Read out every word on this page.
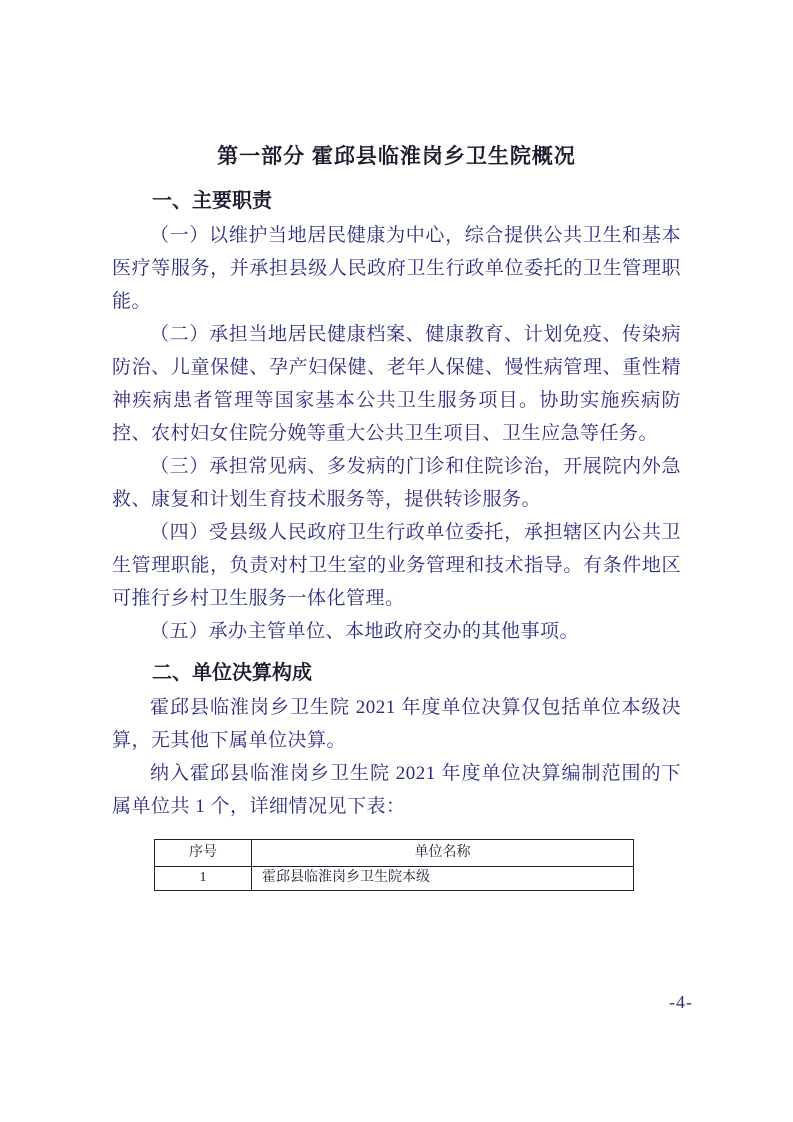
第一部分 霍邱县临淮岗乡卫生院概况
一、主要职责

（一）以维护当地居民健康为中心，综合提供公共卫生和基本医疗等服务，并承担县级人民政府卫生行政单位委托的卫生管理职能。

（二）承担当地居民健康档案、健康教育、计划免疫、传染病防治、儿童保健、孕产妇保健、老年人保健、慢性病管理、重性精神疾病患者管理等国家基本公共卫生服务项目。协助实施疾病防控、农村妇女住院分娩等重大公共卫生项目、卫生应急等任务。

（三）承担常见病、多发病的门诊和住院诊治，开展院内外急救、康复和计划生育技术服务等，提供转诊服务。

（四）受县级人民政府卫生行政单位委托，承担辖区内公共卫生管理职能，负责对村卫生室的业务管理和技术指导。有条件地区可推行乡村卫生服务一体化管理。

（五）承办主管单位、本地政府交办的其他事项。

二、单位决算构成

霍邱县临淮岗乡卫生院 2021 年度单位决算仅包括单位本级决算，无其他下属单位决算。

纳入霍邱县临淮岗乡卫生院 2021 年度单位决算编制范围的下属单位共 1 个，详细情况见下表：

序号	单位名称
1	霍邱县临淮岗乡卫生院本级
-4-
